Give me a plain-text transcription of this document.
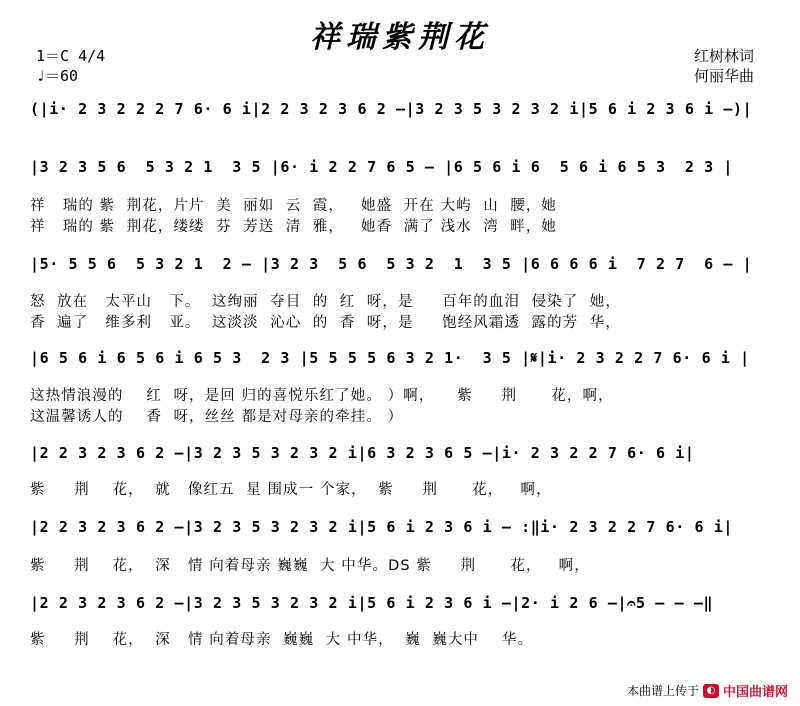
祥瑞紫荆花
1＝C 4/4
♩＝60
红树林词
何丽华曲
(|i· 2 3 2 2 2 7 6· 6 i|2 2 3 2 3 6 2 —|3 2 3 5 3 2 3 2 i|5 6 i 2 3 6 i —)|
|3 2 3 5 6  5 3 2 1  3 5 |6· i 2 2 7 6 5 — |6 5 6 i 6  5 6 i 6 5 3  2 3 |
祥   瑞的 紫  荆花，片片  美  丽如  云  霞，   她盛  开在 大屿  山  腰，她
祥   瑞的 紫  荆花，缕缕  芬  芳送  清  雅，   她香  满了 浅水  湾  畔，她
|5· 5 5 6  5 3 2 1  2 — |3 2 3  5 6  5 3 2  1  3 5 |6 6 6 6 i  7 2 7  6 — |
怒  放在   太平山   下。  这绚丽  夺目  的  红  呀，是     百年的血泪  侵染了  她，
香  遍了   维多利   亚。  这淡淡  沁心  的  香  呀，是     饱经风霜透  露的芳  华，
|6 5 6 i 6 5 6 i 6 5 3  2 3 |5 5 5 5 6 3 2 1·  3 5 |𝄋|i· 2 3 2 2 7 6· 6 i |
这热情浪漫的    红  呀，是回 归的喜悦乐红了她。 ）啊，    紫     荆      花，啊，
这温馨诱人的    香  呀，丝丝 都是对母亲的牵挂。 ）
|2 2 3 2 3 6 2 —|3 2 3 5 3 2 3 2 i|6 3 2 3 6 5 —|i· 2 3 2 2 7 6· 6 i|
紫     荆    花，  就   像红五  星 围成一 个家，  紫     荆      花，   啊，
|2 2 3 2 3 6 2 —|3 2 3 5 3 2 3 2 i|5 6 i 2 3 6 i — :‖i· 2 3 2 2 7 6· 6 i|
紫     荆    花，  深   情 向着母亲 巍巍  大 中华。DS 紫     荆      花，   啊，
|2 2 3 2 3 6 2 —|3 2 3 5 3 2 3 2 i|5 6 i 2 3 6 i —|2· i 2 6 —|𝄐5 — — —‖
紫     荆    花，  深   情 向着母亲  巍巍  大 中华，  巍  巍大中    华。
本曲谱上传于 ◐ 中国曲谱网
